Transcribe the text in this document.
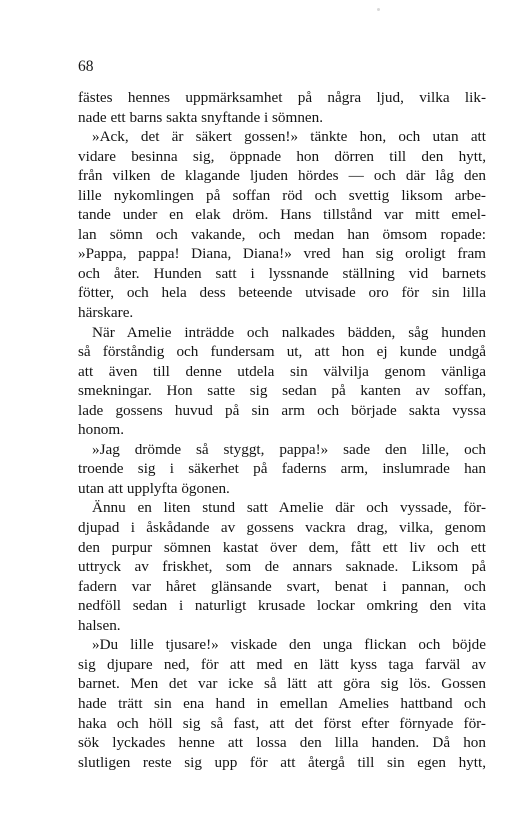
68

fästes hennes uppmärksamhet på några ljud, vilka lik-
nade ett barns sakta snyftande i sömnen.
»Ack, det är säkert gossen!» tänkte hon, och utan att
vidare besinna sig, öppnade hon dörren till den hytt,
från vilken de klagande ljuden hördes — och där låg den
lille nykomlingen på soffan röd och svettig liksom arbe-
tande under en elak dröm. Hans tillstånd var mitt emel-
lan sömn och vakande, och medan han ömsom ropade:
»Pappa, pappa! Diana, Diana!» vred han sig oroligt fram
och åter. Hunden satt i lyssnande ställning vid barnets
fötter, och hela dess beteende utvisade oro för sin lilla
härskare.
När Amelie inträdde och nalkades bädden, såg hunden
så förståndig och fundersam ut, att hon ej kunde undgå
att även till denne utdela sin välvilja genom vänliga
smekningar. Hon satte sig sedan på kanten av soffan,
lade gossens huvud på sin arm och började sakta vyssa
honom.
»Jag drömde så styggt, pappa!» sade den lille, och
troende sig i säkerhet på faderns arm, inslumrade han
utan att upplyfta ögonen.
Ännu en liten stund satt Amelie där och vyssade, för-
djupad i åskådande av gossens vackra drag, vilka, genom
den purpur sömnen kastat över dem, fått ett liv och ett
uttryck av friskhet, som de annars saknade. Liksom på
fadern var håret glänsande svart, benat i pannan, och
nedföll sedan i naturligt krusade lockar omkring den vita
halsen.
»Du lille tjusare!» viskade den unga flickan och böjde
sig djupare ned, för att med en lätt kyss taga farväl av
barnet. Men det var icke så lätt att göra sig lös. Gossen
hade trätt sin ena hand in emellan Amelies hattband och
haka och höll sig så fast, att det först efter förnyade för-
sök lyckades henne att lossa den lilla handen. Då hon
slutligen reste sig upp för att återgå till sin egen hytt,
